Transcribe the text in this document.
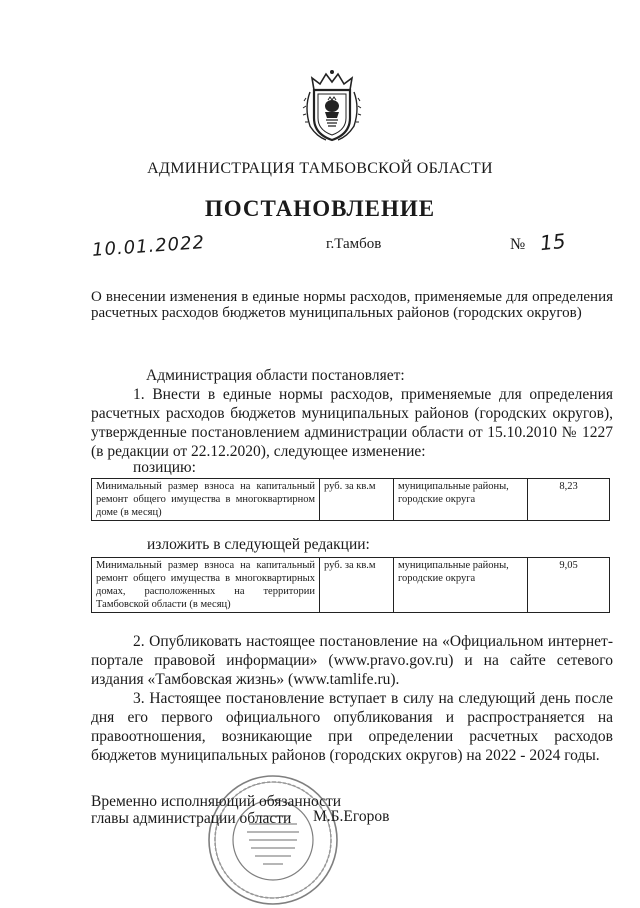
АДМИНИСТРАЦИЯ ТАМБОВСКОЙ ОБЛАСТИ
ПОСТАНОВЛЕНИЕ
10.01.2022	г.Тамбов	№ 15
О внесении изменения в единые нормы расходов, применяемые для определения расчетных расходов бюджетов муниципальных районов (городских округов)
Администрация области постановляет:
1. Внести в единые нормы расходов, применяемые для определения расчетных расходов бюджетов муниципальных районов (городских округов), утвержденные постановлением администрации области от 15.10.2010 № 1227 (в редакции от 22.12.2020), следующее изменение:
позицию:
Минимальный размер взноса на капитальный ремонт общего имущества в многоквартирном доме (в месяц)	руб. за кв.м	муниципальные районы, городские округа	8,23
изложить в следующей редакции:
Минимальный размер взноса на капитальный ремонт общего имущества в многоквартирных домах, расположенных на территории Тамбовской области (в месяц)	руб. за кв.м	муниципальные районы, городские округа	9,05
2. Опубликовать настоящее постановление на «Официальном интернет-портале правовой информации» (www.pravo.gov.ru) и на сайте сетевого издания «Тамбовская жизнь» (www.tamlife.ru).
3. Настоящее постановление вступает в силу на следующий день после дня его первого официального опубликования и распространяется на правоотношения, возникающие при определении расчетных расходов бюджетов муниципальных районов (городских округов) на 2022 - 2024 годы.
Временно исполняющий обязанности
главы администрации области М.Б.Егоров
